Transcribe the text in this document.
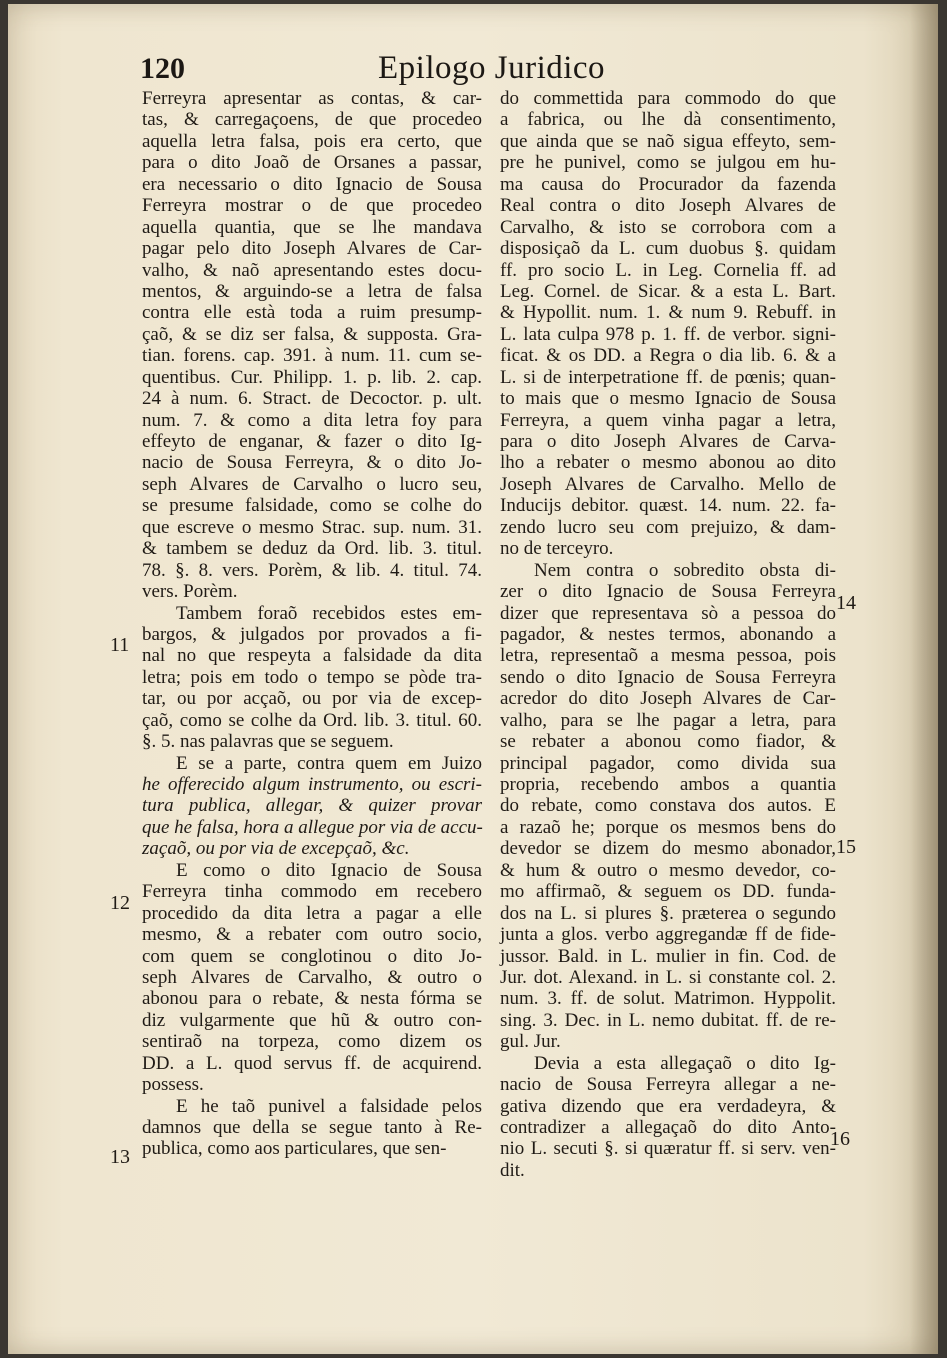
120	Epilogo Juridico
11
12
13
14
15
16
Ferreyra apresentar as contas, & car-
tas, & carregaçoens, de que procedeo
aquella letra falsa, pois era certo, que
para o dito Joaõ de Orsanes a passar,
era necessario o dito Ignacio de Sousa
Ferreyra mostrar o de que procedeo
aquella quantia, que se lhe mandava
pagar pelo dito Joseph Alvares de Car-
valho, & naõ apresentando estes docu-
mentos, & arguindo-se a letra de falsa
contra elle està toda a ruim presump-
çaõ, & se diz ser falsa, & supposta. Gra-
tian. forens. cap. 391. à num. 11. cum se-
quentibus. Cur. Philipp. 1. p. lib. 2. cap.
24 à num. 6. Stract. de Decoctor. p. ult.
num. 7. & como a dita letra foy para
effeyto de enganar, & fazer o dito Ig-
nacio de Sousa Ferreyra, & o dito Jo-
seph Alvares de Carvalho o lucro seu,
se presume falsidade, como se colhe do
que escreve o mesmo Strac. sup. num. 31.
& tambem se deduz da Ord. lib. 3. titul.
78. §. 8. vers. Porèm, & lib. 4. titul. 74.
vers. Porèm.
Tambem foraõ recebidos estes em-
bargos, & julgados por provados a fi-
nal no que respeyta a falsidade da dita
letra; pois em todo o tempo se pòde tra-
tar, ou por acçaõ, ou por via de excep-
çaõ, como se colhe da Ord. lib. 3. titul. 60.
§. 5. nas palavras que se seguem.
E se a parte, contra quem em Juizo
he offerecido algum instrumento, ou escri-
tura publica, allegar, & quizer provar
que he falsa, hora a allegue por via de accu-
zaçaõ, ou por via de excepçaõ, &c.
E como o dito Ignacio de Sousa
Ferreyra tinha commodo em recebero
procedido da dita letra a pagar a elle
mesmo, & a rebater com outro socio,
com quem se conglotinou o dito Jo-
seph Alvares de Carvalho, & outro o
abonou para o rebate, & nesta fórma se
diz vulgarmente que hũ & outro con-
sentiraõ na torpeza, como dizem os
DD. a L. quod servus ff. de acquirend.
possess.
E he taõ punivel a falsidade pelos
damnos que della se segue tanto à Re-
publica, como aos particulares, que sen-
do commettida para commodo do que
a fabrica, ou lhe dà consentimento,
que ainda que se naõ sigua effeyto, sem-
pre he punivel, como se julgou em hu-
ma causa do Procurador da fazenda
Real contra o dito Joseph Alvares de
Carvalho, & isto se corrobora com a
disposiçaõ da L. cum duobus §. quidam
ff. pro socio L. in Leg. Cornelia ff. ad
Leg. Cornel. de Sicar. & a esta L. Bart.
& Hypollit. num. 1. & num 9. Rebuff. in
L. lata culpa 978 p. 1. ff. de verbor. signi-
ficat. & os DD. a Regra o dia lib. 6. & a
L. si de interpetratione ff. de pœnis; quan-
to mais que o mesmo Ignacio de Sousa
Ferreyra, a quem vinha pagar a letra,
para o dito Joseph Alvares de Carva-
lho a rebater o mesmo abonou ao dito
Joseph Alvares de Carvalho. Mello de
Inducijs debitor. quæst. 14. num. 22. fa-
zendo lucro seu com prejuizo, & dam-
no de terceyro.
Nem contra o sobredito obsta di-
zer o dito Ignacio de Sousa Ferreyra
dizer que representava sò a pessoa do
pagador, & nestes termos, abonando a
letra, representaõ a mesma pessoa, pois
sendo o dito Ignacio de Sousa Ferreyra
acredor do dito Joseph Alvares de Car-
valho, para se lhe pagar a letra, para
se rebater a abonou como fiador, &
principal pagador, como divida sua
propria, recebendo ambos a quantia
do rebate, como constava dos autos. E
a razaõ he; porque os mesmos bens do
devedor se dizem do mesmo abonador,
& hum & outro o mesmo devedor, co-
mo affirmaõ, & seguem os DD. funda-
dos na L. si plures §. præterea o segundo
junta a glos. verbo aggregandæ ff de fide-
jussor. Bald. in L. mulier in fin. Cod. de
Jur. dot. Alexand. in L. si constante col. 2.
num. 3. ff. de solut. Matrimon. Hyppolit.
sing. 3. Dec. in L. nemo dubitat. ff. de re-
gul. Jur.
Devia a esta allegaçaõ o dito Ig-
nacio de Sousa Ferreyra allegar a ne-
gativa dizendo que era verdadeyra, &
contradizer a allegaçaõ do dito Anto-
nio L. secuti §. si quæratur ff. si serv. ven-
dit.
